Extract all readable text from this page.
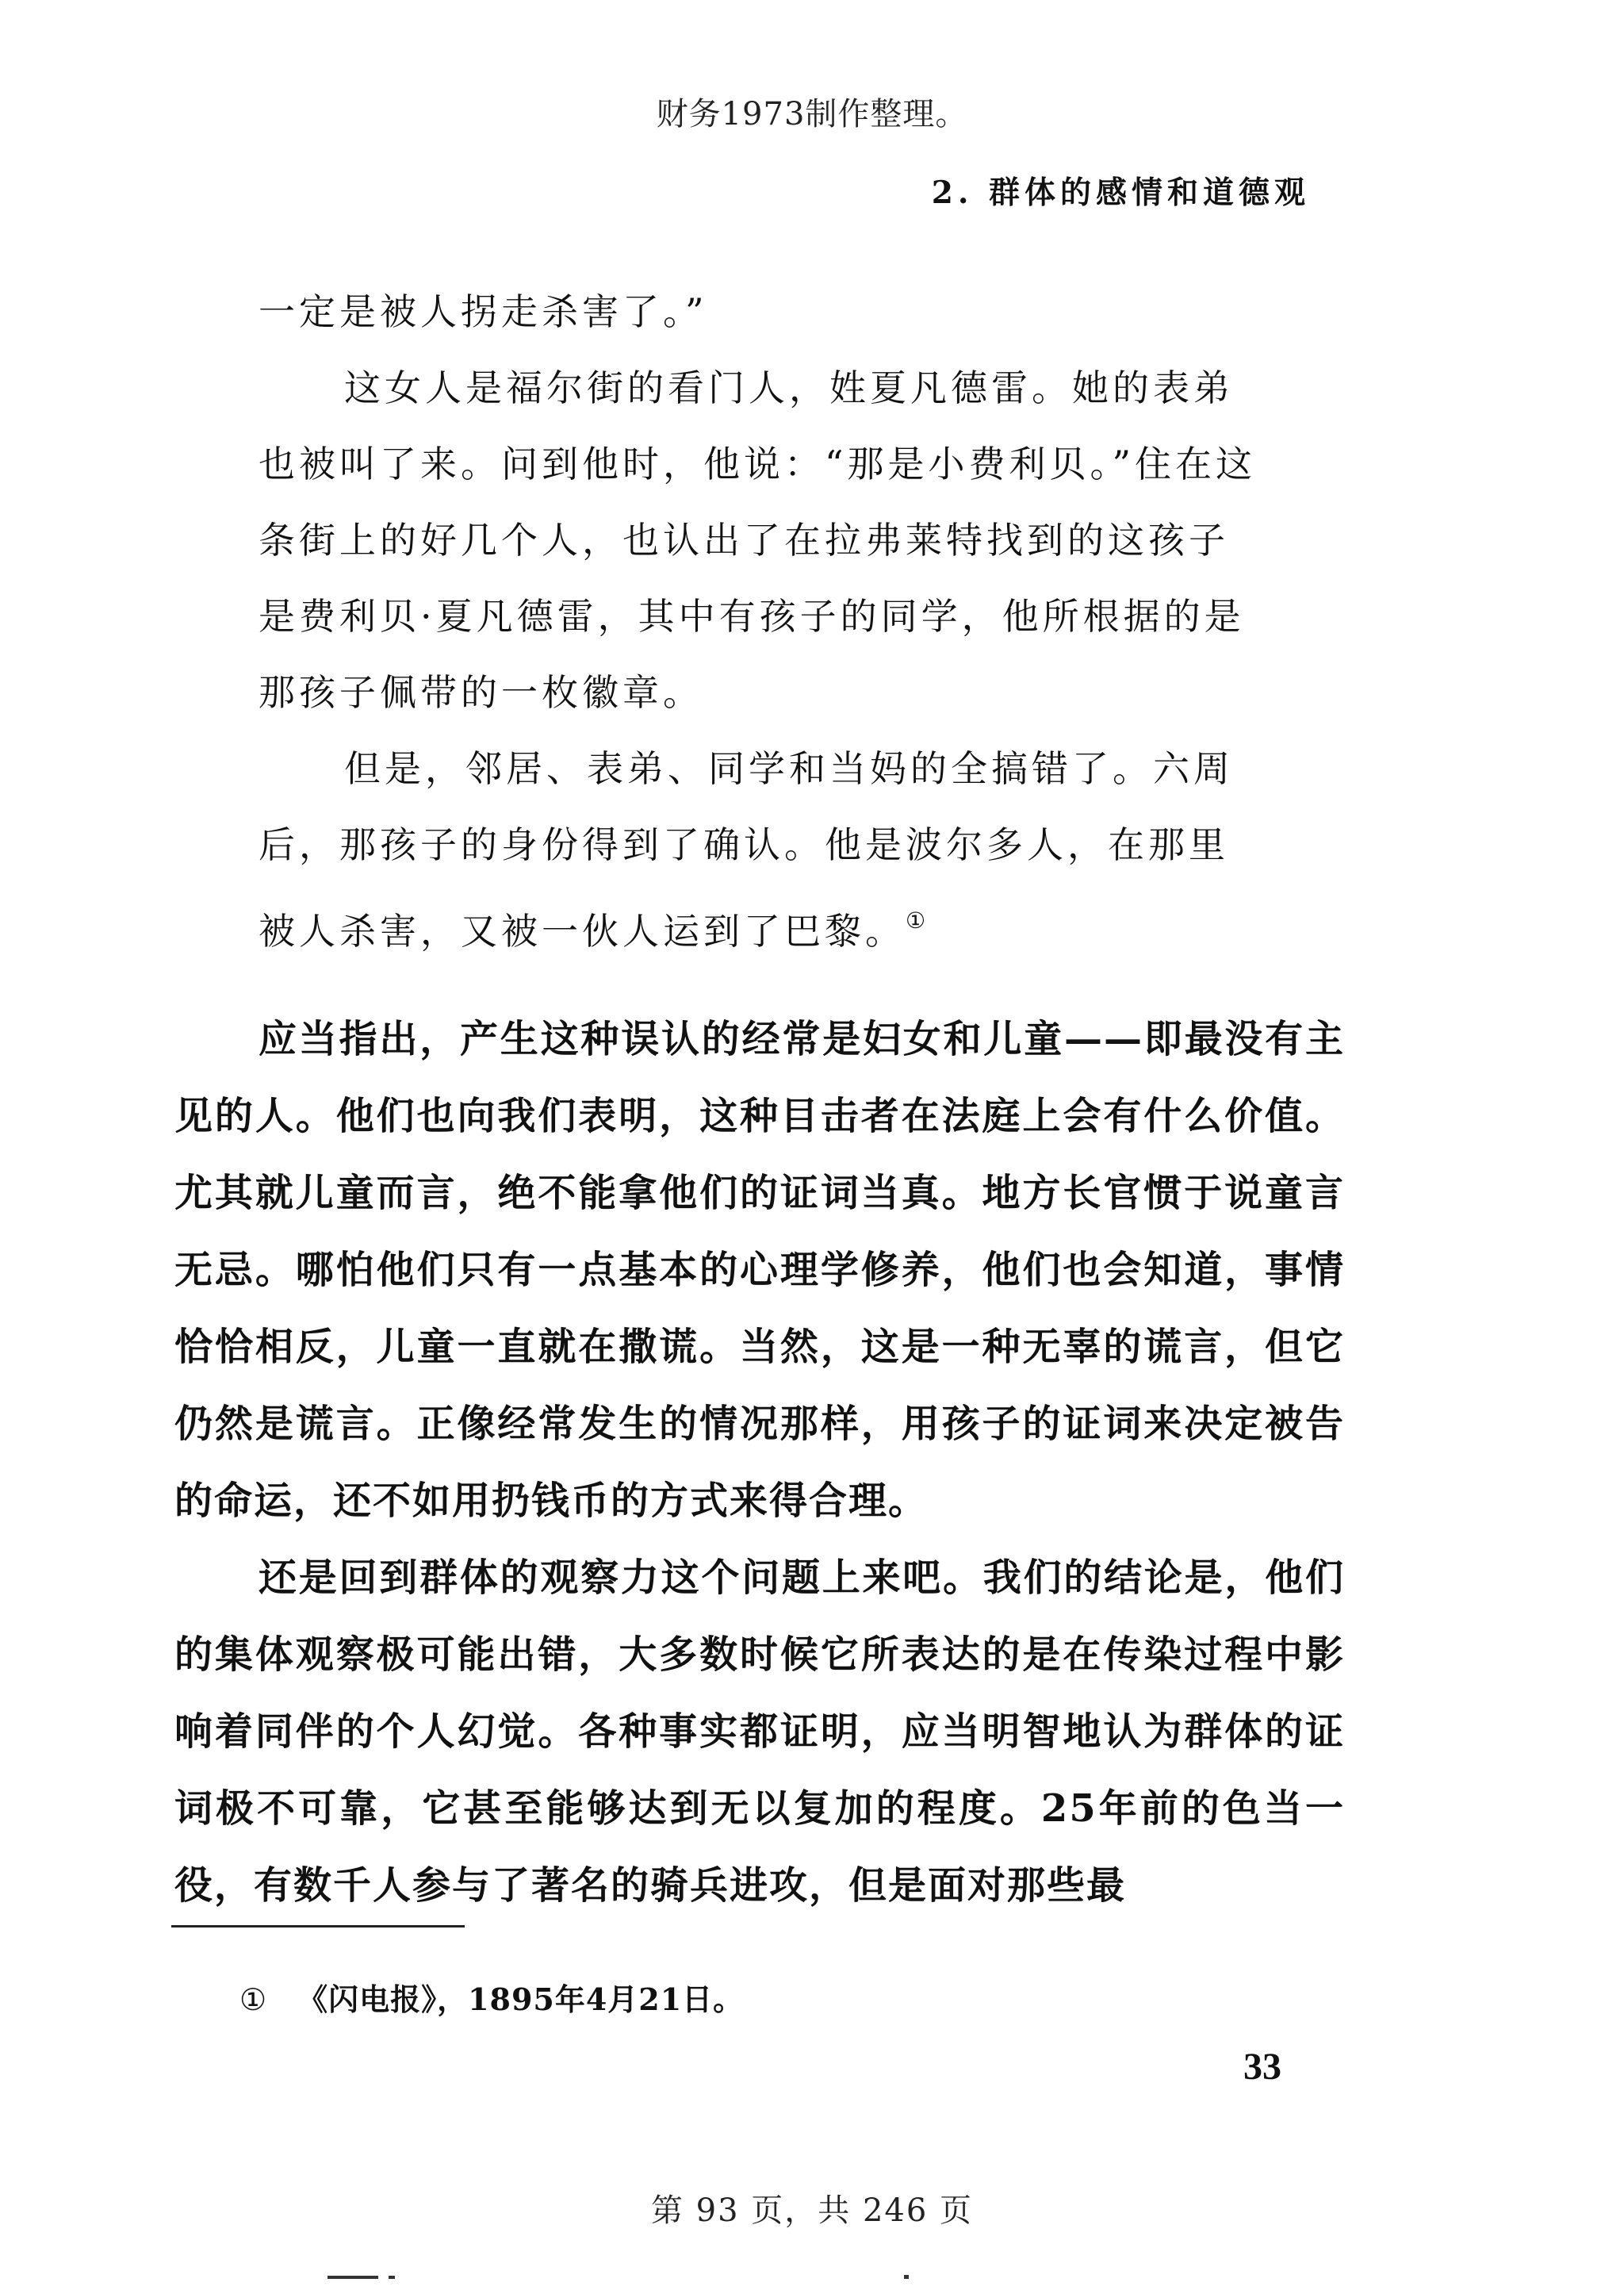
财务1973制作整理。
2. 群体的感情和道德观

一定是被人拐走杀害了。”

这女人是福尔街的看门人，姓夏凡德雷。她的表弟也被叫了来。问到他时，他说：“那是小费利贝。”住在这条街上的好几个人，也认出了在拉弗莱特找到的这孩子是费利贝·夏凡德雷，其中有孩子的同学，他所根据的是那孩子佩带的一枚徽章。

但是，邻居、表弟、同学和当妈的全搞错了。六周后，那孩子的身份得到了确认。他是波尔多人，在那里被人杀害，又被一伙人运到了巴黎。①

应当指出，产生这种误认的经常是妇女和儿童——即最没有主见的人。他们也向我们表明，这种目击者在法庭上会有什么价值。尤其就儿童而言，绝不能拿他们的证词当真。地方长官惯于说童言无忌。哪怕他们只有一点基本的心理学修养，他们也会知道，事情恰恰相反，儿童一直就在撒谎。当然，这是一种无辜的谎言，但它仍然是谎言。正像经常发生的情况那样，用孩子的证词来决定被告的命运，还不如用扔钱币的方式来得合理。

还是回到群体的观察力这个问题上来吧。我们的结论是，他们的集体观察极可能出错，大多数时候它所表达的是在传染过程中影响着同伴的个人幻觉。各种事实都证明，应当明智地认为群体的证词极不可靠，它甚至能够达到无以复加的程度。25年前的色当一役，有数千人参与了著名的骑兵进攻，但是面对那些最

① 《闪电报》，1895年4月21日。
33
第 93 页，共 246 页
